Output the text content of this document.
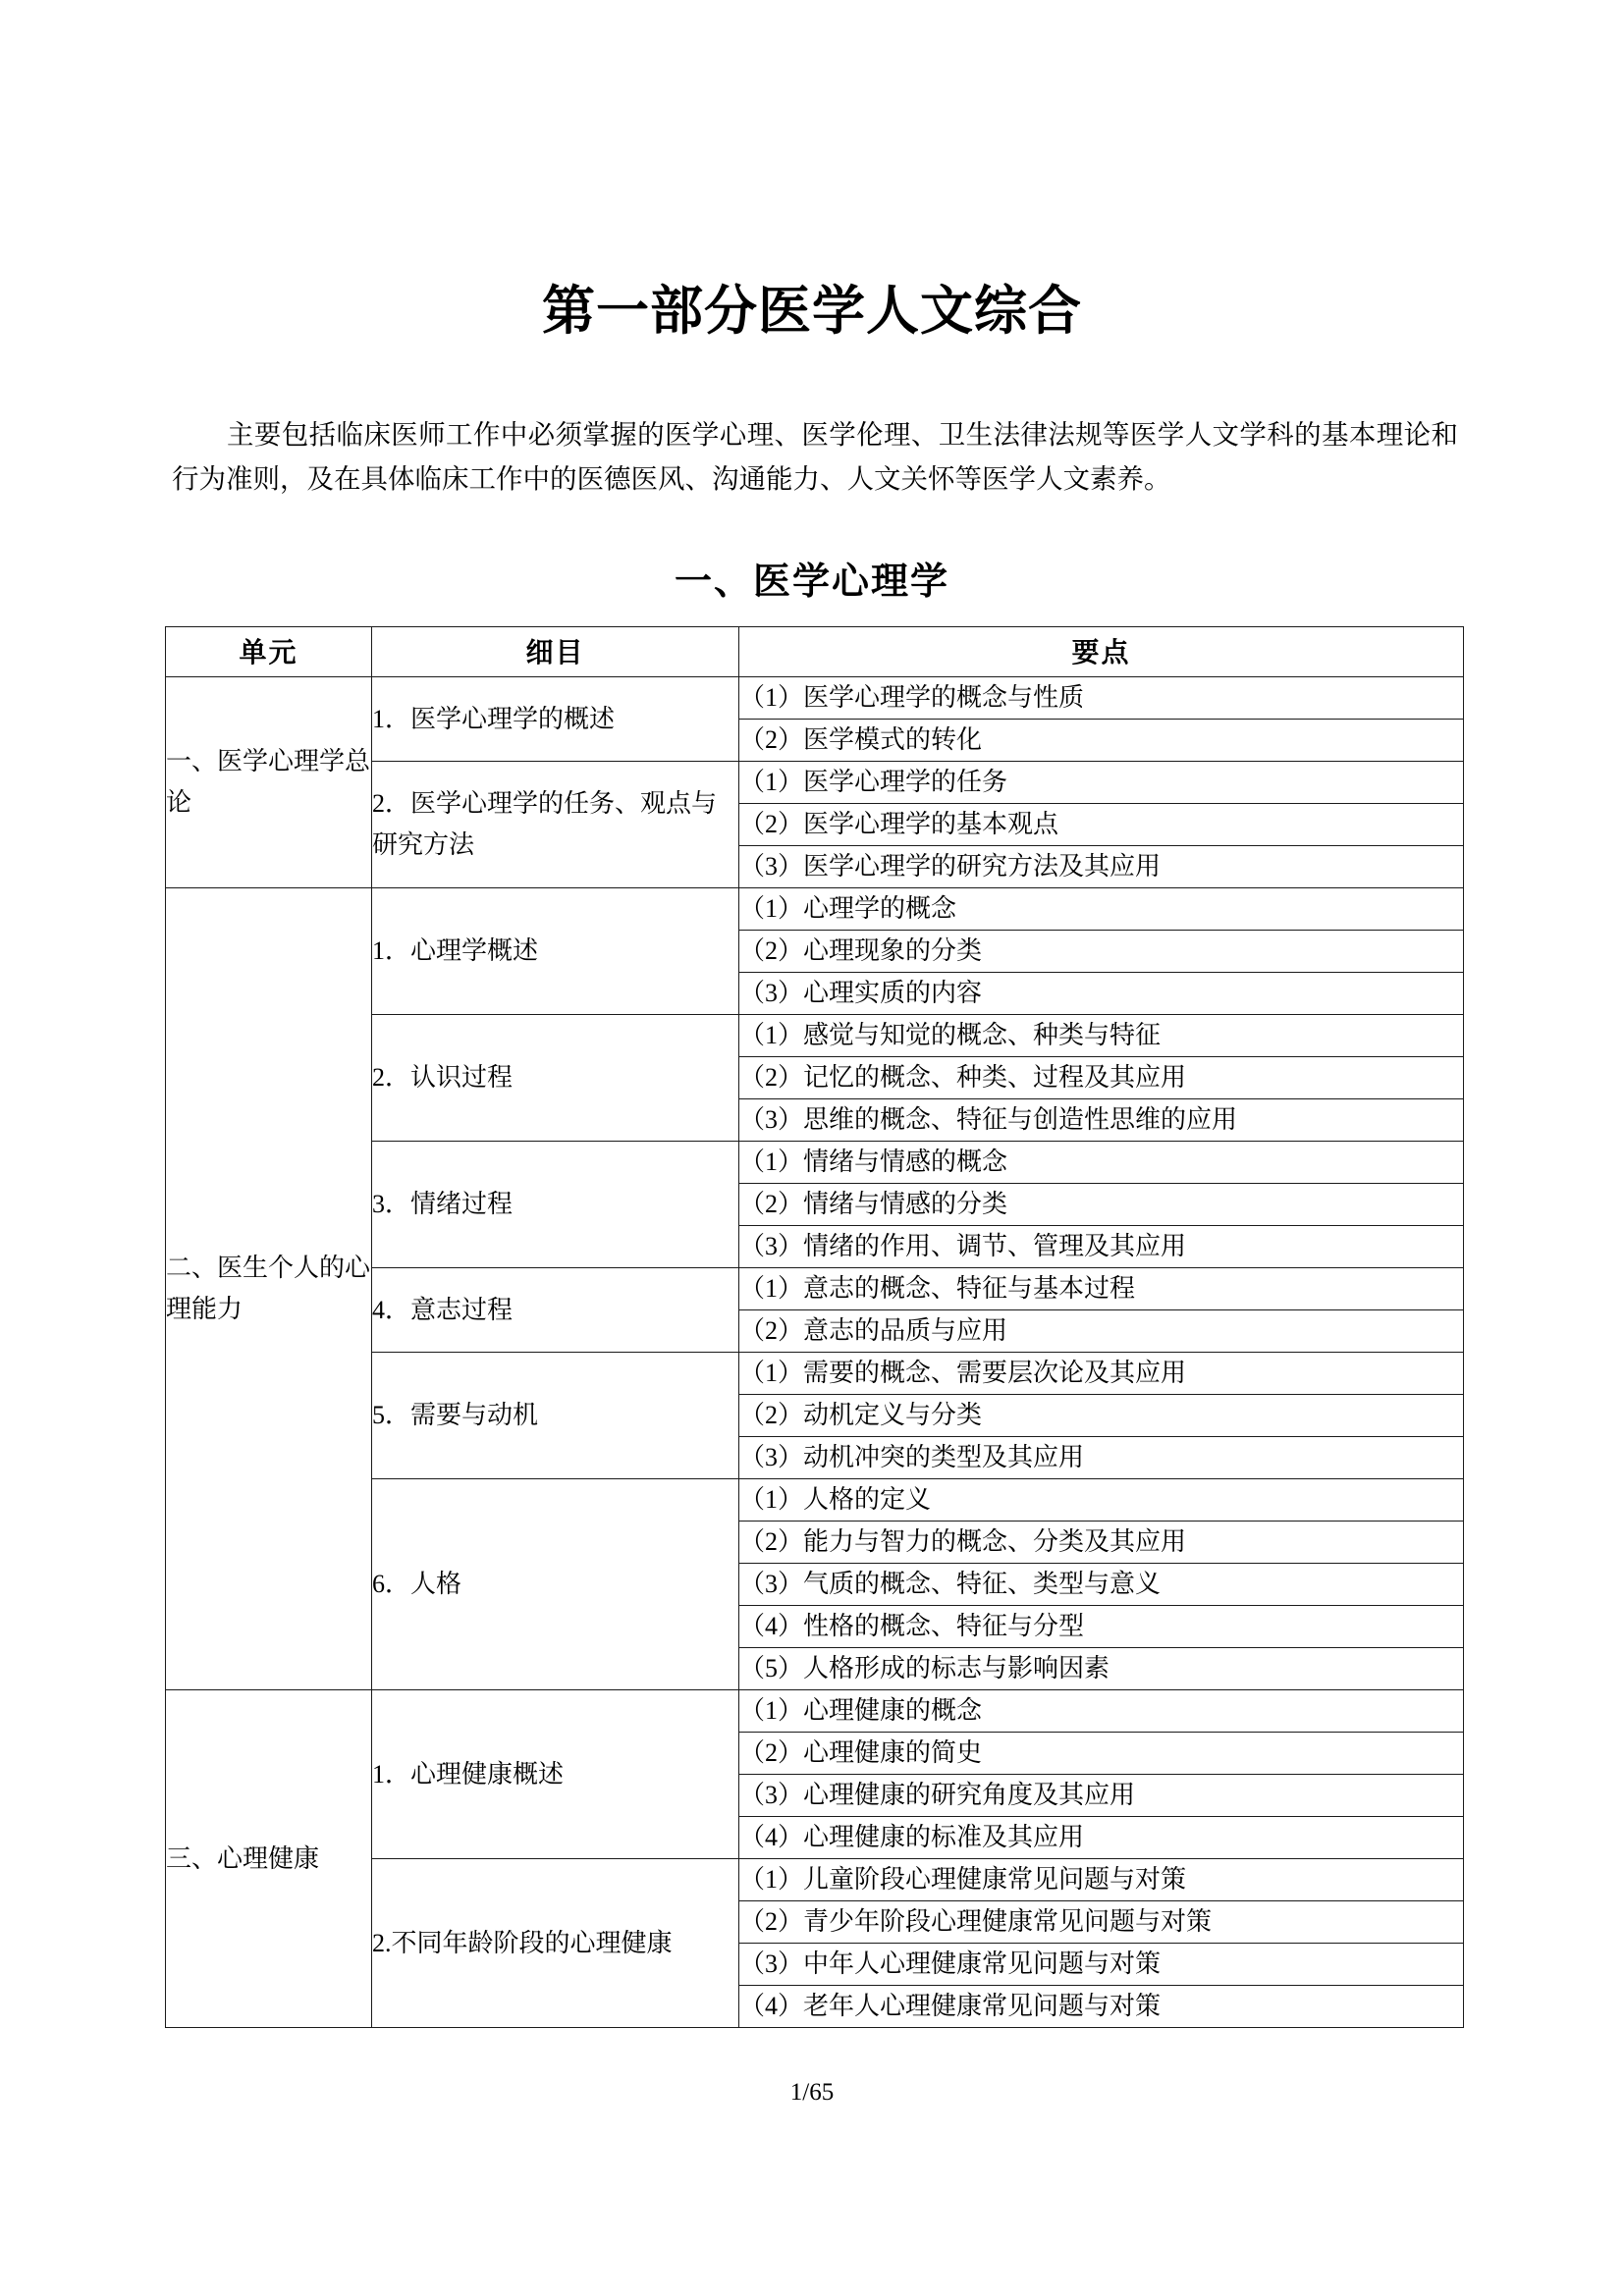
第一部分医学人文综合

主要包括临床医师工作中必须掌握的医学心理、医学伦理、卫生法律法规等医学人文学科的基本理论和行为准则，及在具体临床工作中的医德医风、沟通能力、人文关怀等医学人文素养。

一、医学心理学
单元	细目	要点
一、医学心理学总论	1．医学心理学的概述	（1）医学心理学的概念与性质
		（2）医学模式的转化
	2．医学心理学的任务、观点与研究方法	（1）医学心理学的任务
		（2）医学心理学的基本观点
		（3）医学心理学的研究方法及其应用
二、医生个人的心理能力	1．心理学概述	（1）心理学的概念
		（2）心理现象的分类
		（3）心理实质的内容
	2．认识过程	（1）感觉与知觉的概念、种类与特征
		（2）记忆的概念、种类、过程及其应用
		（3）思维的概念、特征与创造性思维的应用
	3．情绪过程	（1）情绪与情感的概念
		（2）情绪与情感的分类
		（3）情绪的作用、调节、管理及其应用
	4．意志过程	（1）意志的概念、特征与基本过程
		（2）意志的品质与应用
	5．需要与动机	（1）需要的概念、需要层次论及其应用
		（2）动机定义与分类
		（3）动机冲突的类型及其应用
	6．人格	（1）人格的定义
		（2）能力与智力的概念、分类及其应用
		（3）气质的概念、特征、类型与意义
		（4）性格的概念、特征与分型
		（5）人格形成的标志与影响因素
三、心理健康	1．心理健康概述	（1）心理健康的概念
		（2）心理健康的简史
		（3）心理健康的研究角度及其应用
		（4）心理健康的标准及其应用
	2.不同年龄阶段的心理健康	（1）儿童阶段心理健康常见问题与对策
		（2）青少年阶段心理健康常见问题与对策
		（3）中年人心理健康常见问题与对策
		（4）老年人心理健康常见问题与对策
1/65
